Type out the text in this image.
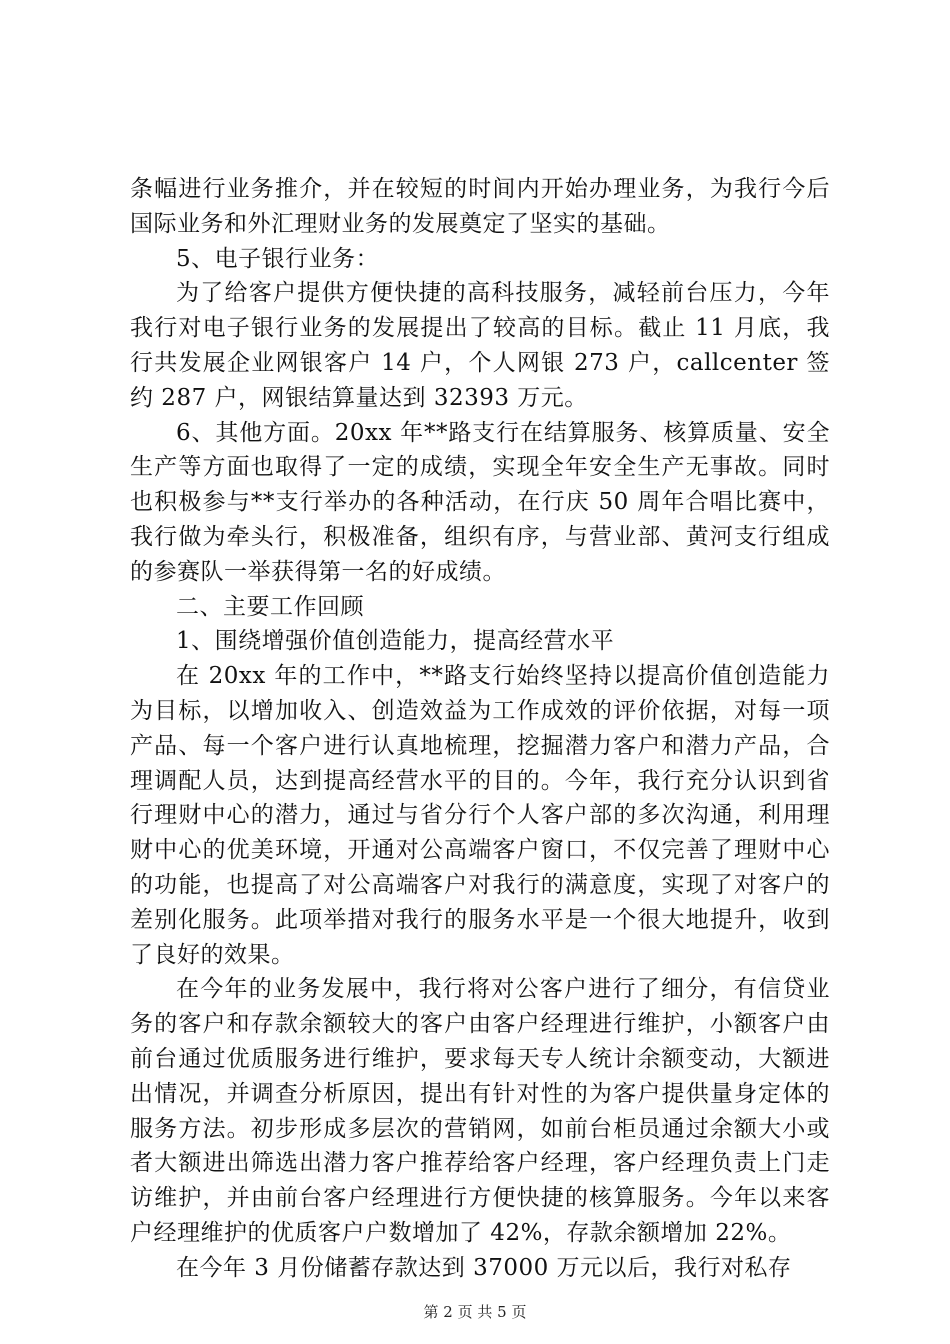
条幅进行业务推介，并在较短的时间内开始办理业务，为我行今后国际业务和外汇理财业务的发展奠定了坚实的基础。

5、电子银行业务：

为了给客户提供方便快捷的高科技服务，减轻前台压力，今年我行对电子银行业务的发展提出了较高的目标。截止 11 月底，我行共发展企业网银客户 14 户，个人网银 273 户，callcenter 签约 287 户，网银结算量达到 32393 万元。

6、其他方面。20xx 年**路支行在结算服务、核算质量、安全生产等方面也取得了一定的成绩，实现全年安全生产无事故。同时也积极参与**支行举办的各种活动，在行庆 50 周年合唱比赛中，我行做为牵头行，积极准备，组织有序，与营业部、黄河支行组成的参赛队一举获得第一名的好成绩。

二、主要工作回顾

1、围绕增强价值创造能力，提高经营水平

在 20xx 年的工作中，**路支行始终坚持以提高价值创造能力为目标，以增加收入、创造效益为工作成效的评价依据，对每一项产品、每一个客户进行认真地梳理，挖掘潜力客户和潜力产品，合理调配人员，达到提高经营水平的目的。今年，我行充分认识到省行理财中心的潜力，通过与省分行个人客户部的多次沟通，利用理财中心的优美环境，开通对公高端客户窗口，不仅完善了理财中心的功能，也提高了对公高端客户对我行的满意度，实现了对客户的差别化服务。此项举措对我行的服务水平是一个很大地提升，收到了良好的效果。

在今年的业务发展中，我行将对公客户进行了细分，有信贷业务的客户和存款余额较大的客户由客户经理进行维护，小额客户由前台通过优质服务进行维护，要求每天专人统计余额变动，大额进出情况，并调查分析原因，提出有针对性的为客户提供量身定体的服务方法。初步形成多层次的营销网，如前台柜员通过余额大小或者大额进出筛选出潜力客户推荐给客户经理，客户经理负责上门走访维护，并由前台客户经理进行方便快捷的核算服务。今年以来客户经理维护的优质客户户数增加了 42%，存款余额增加 22%。

在今年 3 月份储蓄存款达到 37000 万元以后，我行对私存

第 2 页 共 5 页
